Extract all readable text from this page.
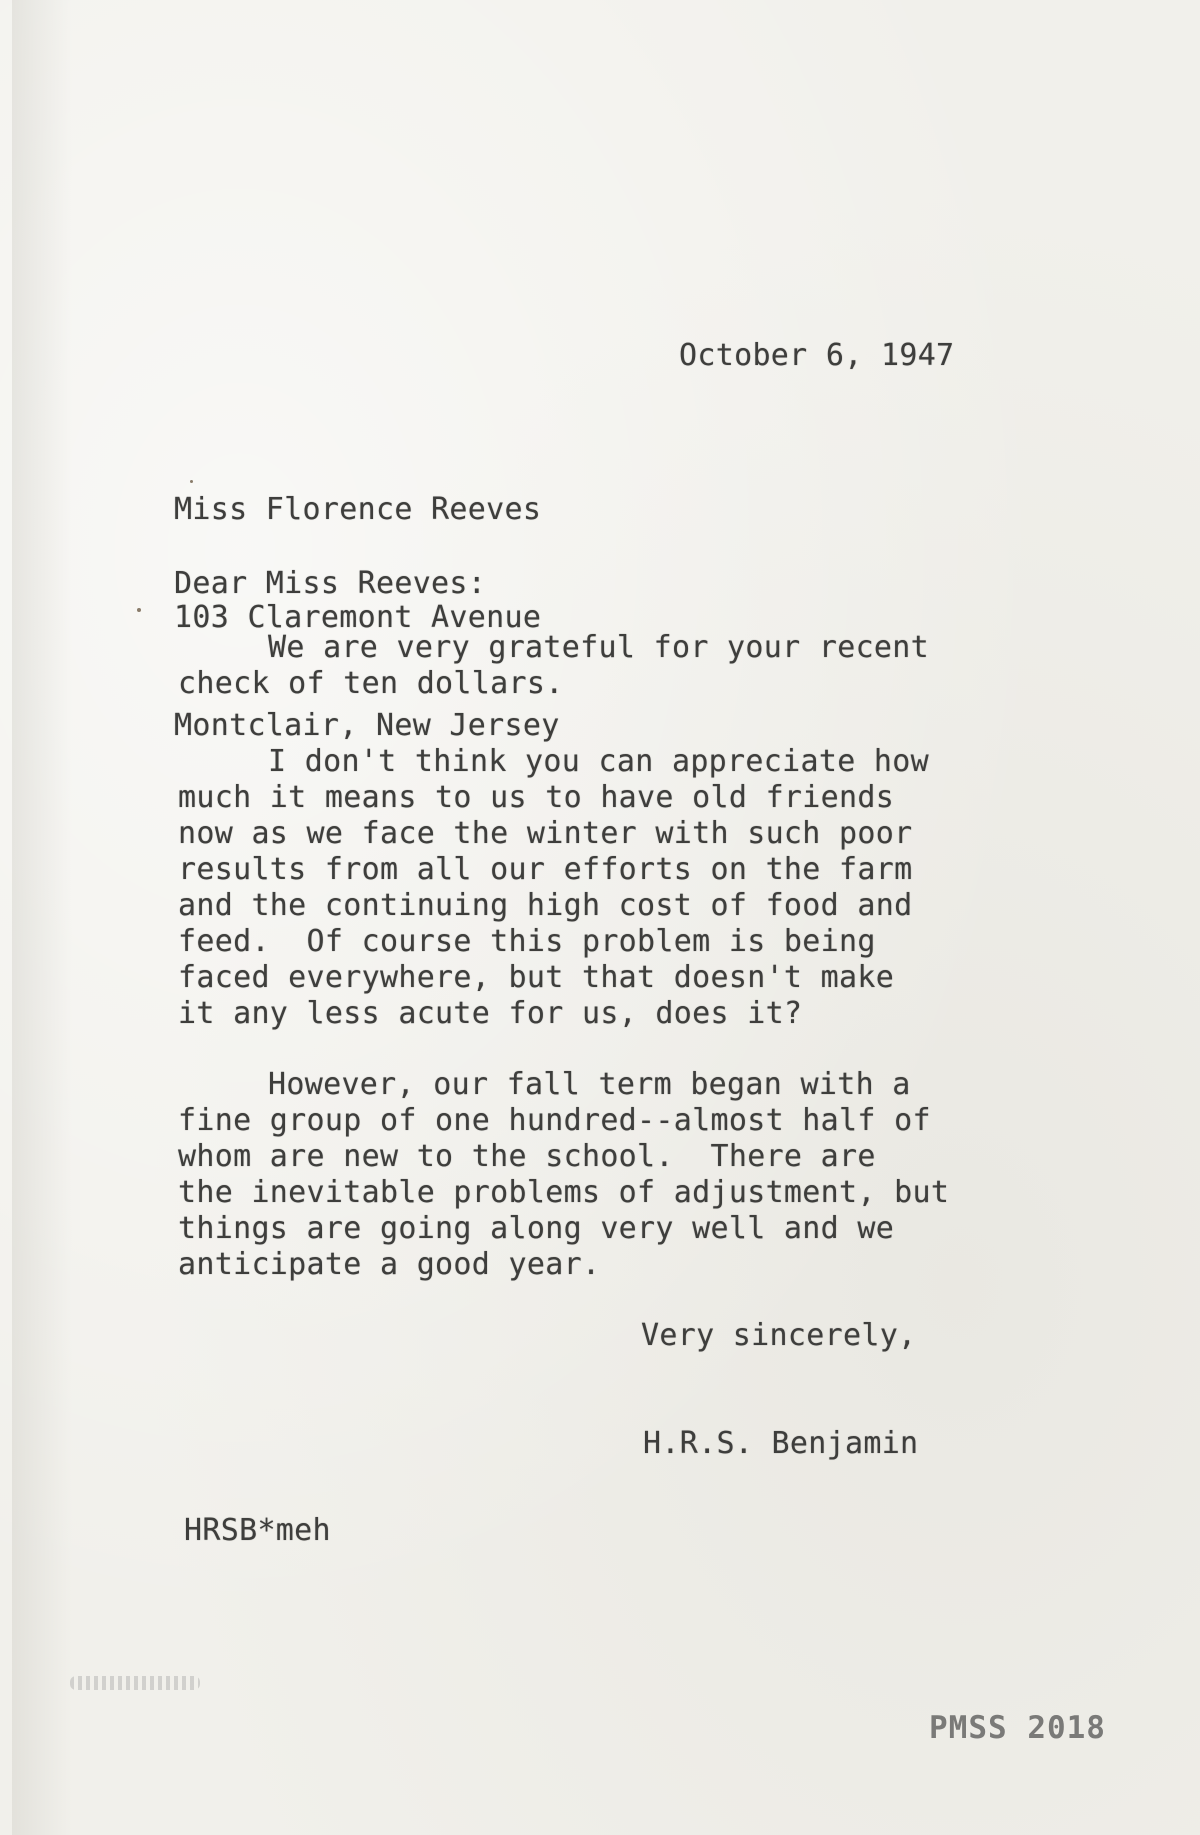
October 6, 1947

Miss Florence Reeves

103 Claremont Avenue

Montclair, New Jersey

Dear Miss Reeves:

We are very grateful for your recent
check of ten dollars.
I don't think you can appreciate how
much it means to us to have old friends
now as we face the winter with such poor
results from all our efforts on the farm
and the continuing high cost of food and
feed.  Of course this problem is being
faced everywhere, but that doesn't make
it any less acute for us, does it?
However, our fall term began with a
fine group of one hundred--almost half of
whom are new to the school.  There are
the inevitable problems of adjustment, but
things are going along very well and we
anticipate a good year.

Very sincerely,

H.R.S. Benjamin

HRSB*meh

PMSS 2018
